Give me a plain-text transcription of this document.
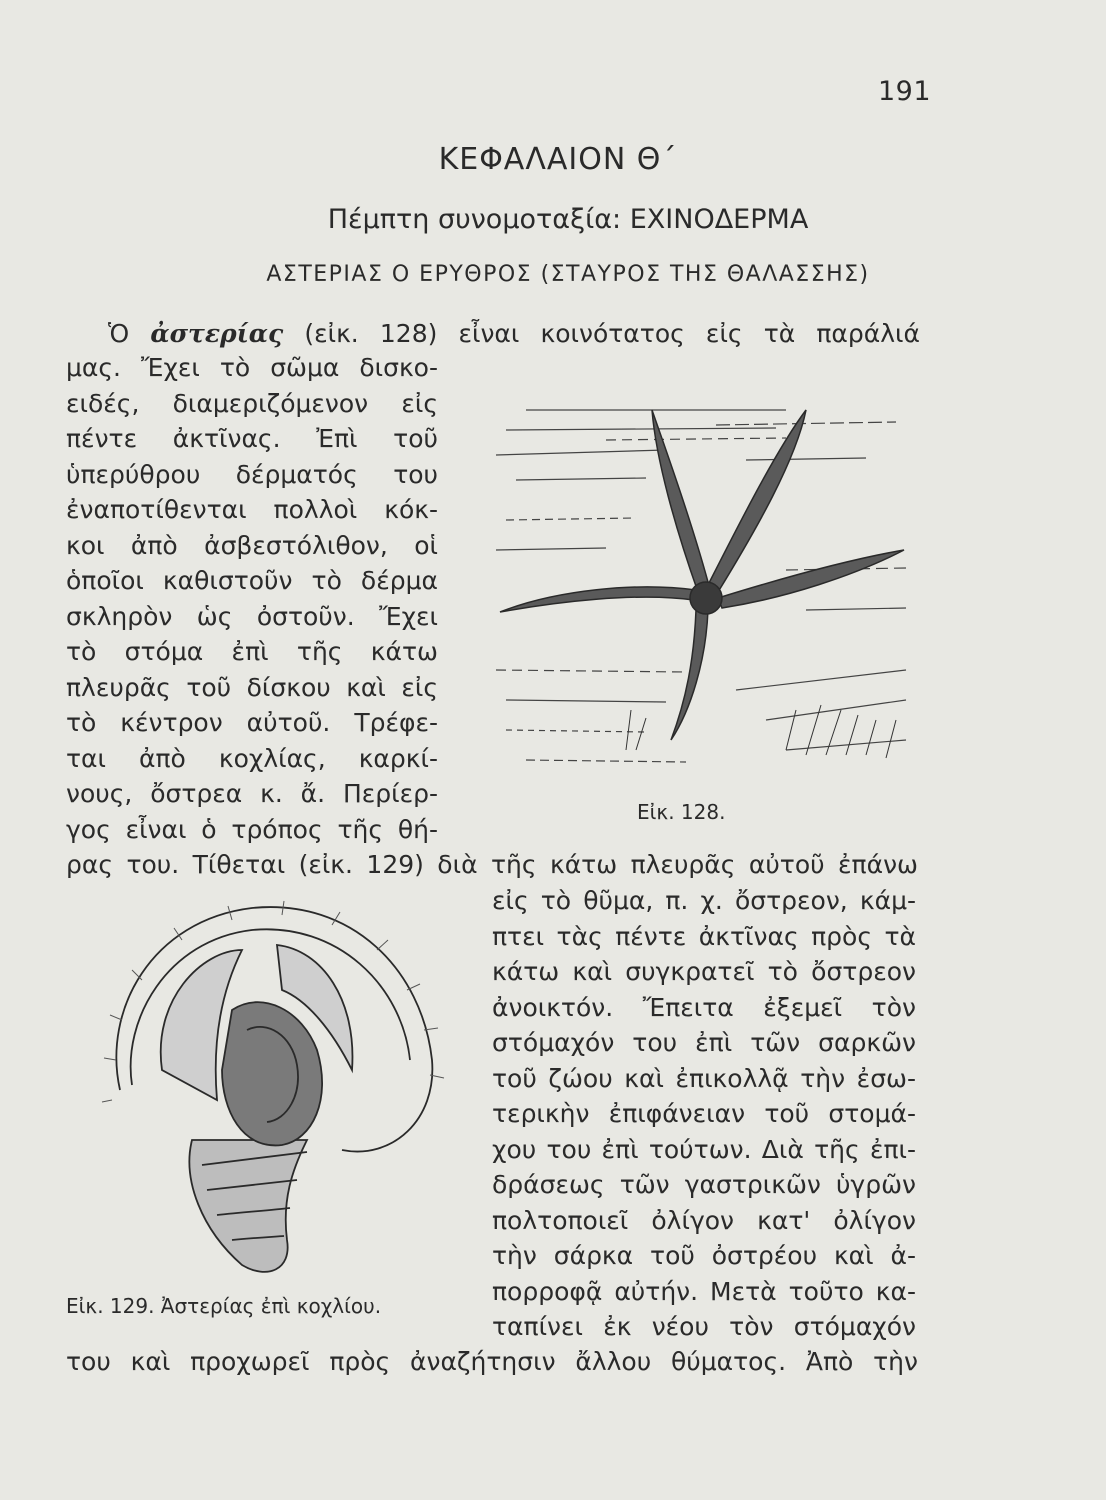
191
ΚΕΦΑΛΑΙΟΝ Θ΄
Πέμπτη συνομοταξία: ΕΧΙΝΟΔΕΡΜΑ
ΑΣΤΕΡΙΑΣ Ο ΕΡΥΘΡΟΣ (ΣΤΑΥΡΟΣ ΤΗΣ ΘΑΛΑΣΣΗΣ)
Ὁ ἀστερίας (εἰκ. 128) εἶναι κοινότατος εἰς τὰ παράλιά
μας. Ἔχει τὸ σῶμα δισκο-
ειδές, διαμεριζόμενον εἰς
πέντε ἀκτῖνας. Ἐπὶ τοῦ
ὑπερύθρου δέρματός του
ἐναποτίθενται πολλοὶ κόκ-
κοι ἀπὸ ἀσβεστόλιθον, οἱ
ὁποῖοι καθιστοῦν τὸ δέρμα
σκληρὸν ὡς ὀστοῦν. Ἔχει
τὸ στόμα ἐπὶ τῆς κάτω
πλευρᾶς τοῦ δίσκου καὶ εἰς
τὸ κέντρον αὐτοῦ. Τρέφε-
ται ἀπὸ κοχλίας, καρκί-
νους, ὄστρεα κ. ἄ. Περίερ-
γος εἶναι ὁ τρόπος τῆς θή-
Εἰκ. 128.
ρας του. Τίθεται (εἰκ. 129) διὰ τῆς κάτω πλευρᾶς αὐτοῦ ἐπάνω
εἰς τὸ θῦμα, π. χ. ὄστρεον, κάμ-
πτει τὰς πέντε ἀκτῖνας πρὸς τὰ
κάτω καὶ συγκρατεῖ τὸ ὄστρεον
ἀνοικτόν. Ἔπειτα ἐξεμεῖ τὸν
στόμαχόν του ἐπὶ τῶν σαρκῶν
τοῦ ζώου καὶ ἐπικολλᾷ τὴν ἐσω-
τερικὴν ἐπιφάνειαν τοῦ στομά-
χου του ἐπὶ τούτων. Διὰ τῆς ἐπι-
δράσεως τῶν γαστρικῶν ὑγρῶν
πολτοποιεῖ ὀλίγον κατ' ὀλίγον
τὴν σάρκα τοῦ ὀστρέου καὶ ἀ-
πορροφᾷ αὐτήν. Μετὰ τοῦτο κα-
ταπίνει ἐκ νέου τὸν στόμαχόν
Εἰκ. 129. Ἀστερίας ἐπὶ κοχλίου.
του καὶ προχωρεῖ πρὸς ἀναζήτησιν ἄλλου θύματος. Ἀπὸ τὴν
